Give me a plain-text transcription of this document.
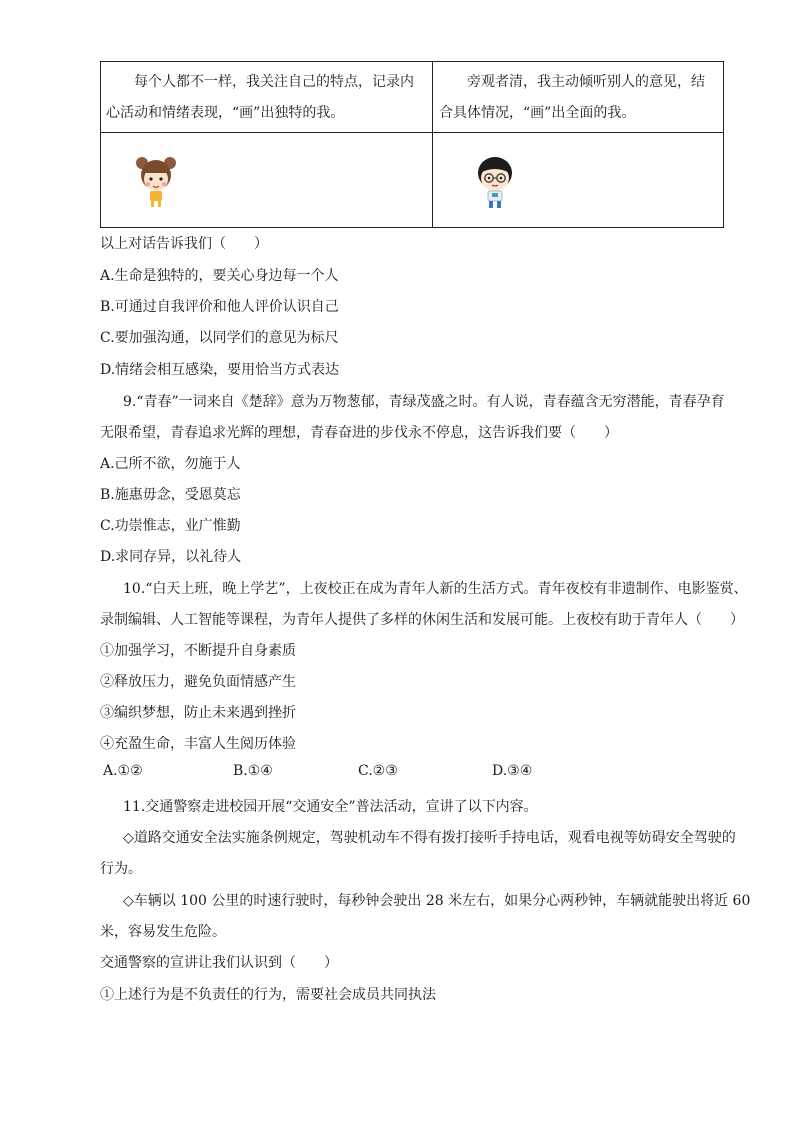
每个人都不一样，我关注自己的特点，记录内心活动和情绪表现，“画”出独特的我。	旁观者清，我主动倾听别人的意见，结合具体情况，“画”出全面的我。

以上对话告诉我们（　　）
A.生命是独特的，要关心身边每一个人
B.可通过自我评价和他人评价认识自己
C.要加强沟通，以同学们的意见为标尺
D.情绪会相互感染，要用恰当方式表达
9.“青春”一词来自《楚辞》意为万物葱郁，青绿茂盛之时。有人说，青春蕴含无穷潜能，青春孕育
无限希望，青春追求光辉的理想，青春奋进的步伐永不停息，这告诉我们要（　　）
A.己所不欲，勿施于人
B.施惠毋念，受恩莫忘
C.功崇惟志，业广惟勤
D.求同存异，以礼待人
10.“白天上班，晚上学艺”，上夜校正在成为青年人新的生活方式。青年夜校有非遗制作、电影鉴赏、
录制编辑、人工智能等课程，为青年人提供了多样的休闲生活和发展可能。上夜校有助于青年人（　　）
①加强学习，不断提升自身素质
②释放压力，避免负面情感产生
③编织梦想，防止未来遇到挫折
④充盈生命，丰富人生阅历体验
A.①②	B.①④	C.②③	D.③④
11.交通警察走进校园开展“交通安全”普法活动，宣讲了以下内容。
◇道路交通安全法实施条例规定，驾驶机动车不得有拨打接听手持电话，观看电视等妨碍安全驾驶的
行为。
◇车辆以 100 公里的时速行驶时，每秒钟会驶出 28 米左右，如果分心两秒钟，车辆就能驶出将近 60
米，容易发生危险。
交通警察的宣讲让我们认识到（　　）
①上述行为是不负责任的行为，需要社会成员共同执法
